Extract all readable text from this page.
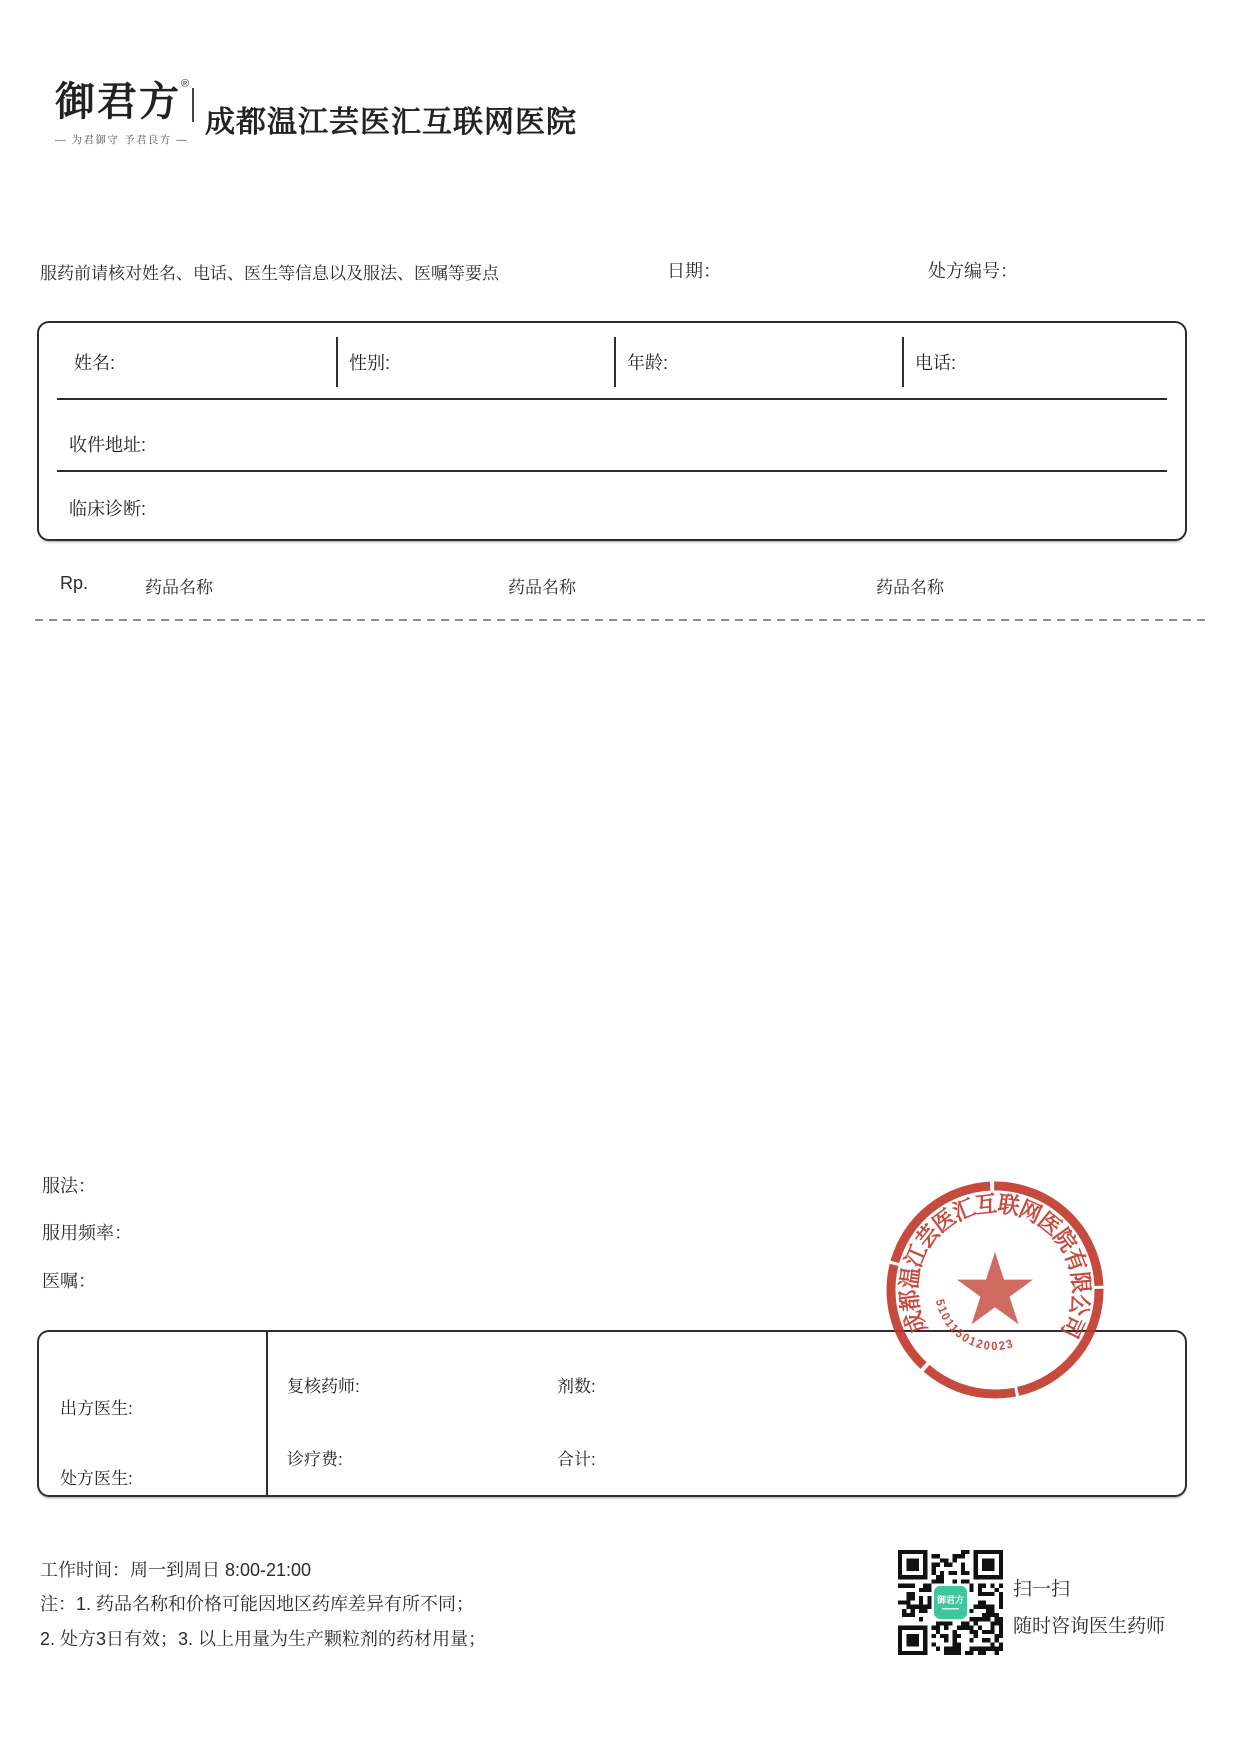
御君方®
— 为君御守 予君良方 —
成都温江芸医汇互联网医院
服药前请核对姓名、电话、医生等信息以及服法、医嘱等要点	日期：	处方编号：
姓名:	性别:	年龄:	电话:
收件地址:
临床诊断:
Rp.	药品名称	药品名称	药品名称
服法：
服用频率：
医嘱：
出方医生:
复核药师:	剂数:
处方医生:
诊疗费:	合计:
成都温江芸医汇互联网医院有限公司
5101150120023
工作时间：周一到周日 8:00-21:00
注：1. 药品名称和价格可能因地区药库差异有所不同；
2. 处方3日有效；3. 以上用量为生产颗粒剂的药材用量；
御君方	扫一扫
随时咨询医生药师
